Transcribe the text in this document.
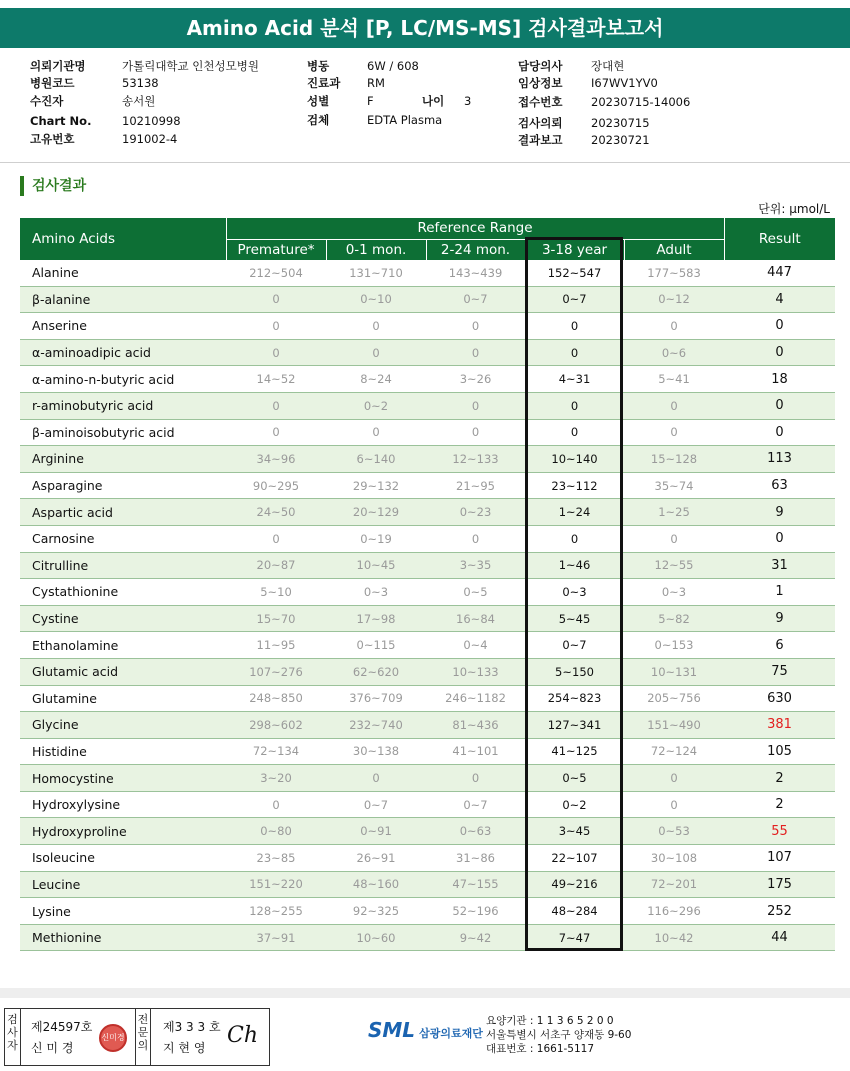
Amino Acid 분석 [P, LC/MS-MS] 검사결과보고서
의뢰기관명	가톨릭대학교 인천성모병원
병원코드	53138
수진자	송서원
Chart No.	10210998
고유번호	191002-4
병동	6W / 608
진료과 RM
성별	F	나이 3
검체	EDTA Plasma
담당의사 장대현
임상정보 I67WV1YV0
접수번호 20230715-14006
검사의뢰 20230715
결과보고 20230721
검사결과
단위: μmol/L
Amino Acids	Reference Range					Result
	Premature*	0-1 mon.	2-24 mon.	3-18 year	Adult	
Alanine	212~504	131~710	143~439	152~547	177~583	447
β-alanine	0	0~10	0~7	0~7	0~12	4
Anserine	0	0	0	0	0	0
α-aminoadipic acid	0	0	0	0	0~6	0
α-amino-n-butyric acid	14~52	8~24	3~26	4~31	5~41	18
r-aminobutyric acid	0	0~2	0	0	0	0
β-aminoisobutyric acid	0	0	0	0	0	0
Arginine	34~96	6~140	12~133	10~140	15~128	113
Asparagine	90~295	29~132	21~95	23~112	35~74	63
Aspartic acid	24~50	20~129	0~23	1~24	1~25	9
Carnosine	0	0~19	0	0	0	0
Citrulline	20~87	10~45	3~35	1~46	12~55	31
Cystathionine	5~10	0~3	0~5	0~3	0~3	1
Cystine	15~70	17~98	16~84	5~45	5~82	9
Ethanolamine	11~95	0~115	0~4	0~7	0~153	6
Glutamic acid	107~276	62~620	10~133	5~150	10~131	75
Glutamine	248~850	376~709	246~1182	254~823	205~756	630
Glycine	298~602	232~740	81~436	127~341	151~490	381
Histidine	72~134	30~138	41~101	41~125	72~124	105
Homocystine	3~20	0	0	0~5	0	2
Hydroxylysine	0	0~7	0~7	0~2	0	2
Hydroxyproline	0~80	0~91	0~63	3~45	0~53	55
Isoleucine	23~85	26~91	31~86	22~107	30~108	107
Leucine	151~220	48~160	47~155	49~216	72~201	175
Lysine	128~255	92~325	52~196	48~284	116~296	252
Methionine	37~91	10~60	9~42	7~47	10~42	44
검
사
자
제24597호
신 미 경
신미경
전
문
의
제3 3 3 호
지 현 영 Ch	SML 삼광의료재단
요양기관 : 1 1 3 6 5 2 0 0
서울특별시 서초구 양재동 9-60
대표번호 : 1661-5117
